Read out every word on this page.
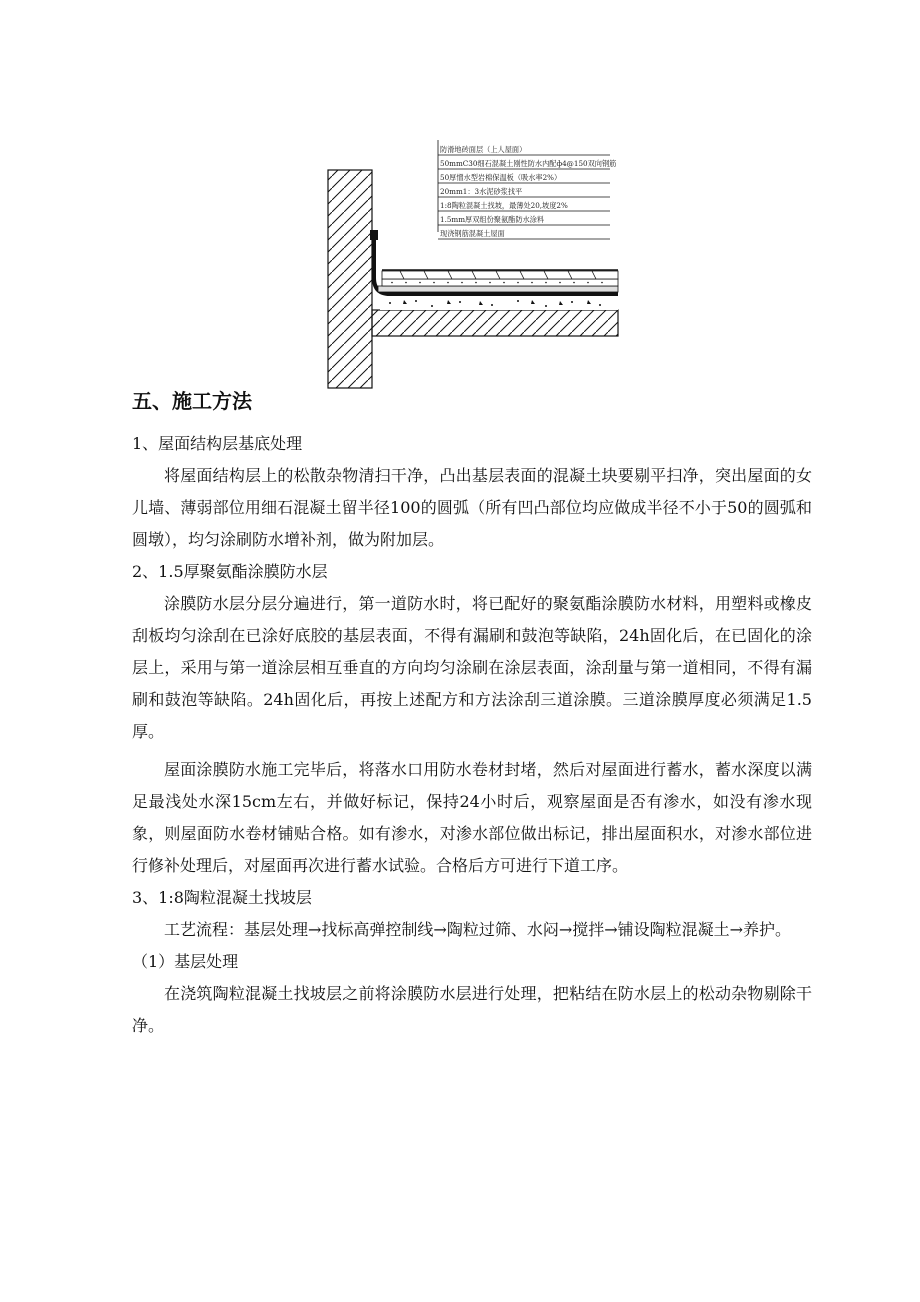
防滑地砖面层（上人屋面）
50mmC30细石混凝土刚性防水内配ф4@150双向钢筋
50厚憎水型岩棉保温板（吸水率2%）
20mm1：3水泥砂浆找平
1:8陶粒混凝土找坡，最薄处20,坡度2%
1.5mm厚双组份聚氨酯防水涂料
现浇钢筋混凝土屋面
五、施工方法

1、屋面结构层基底处理

将屋面结构层上的松散杂物清扫干净，凸出基层表面的混凝土块要剔平扫净，突出屋面的女儿墙、薄弱部位用细石混凝土留半径100的圆弧（所有凹凸部位均应做成半径不小于50的圆弧和圆墩），均匀涂刷防水增补剂，做为附加层。

2、1.5厚聚氨酯涂膜防水层

涂膜防水层分层分遍进行，第一道防水时，将已配好的聚氨酯涂膜防水材料，用塑料或橡皮刮板均匀涂刮在已涂好底胶的基层表面，不得有漏刷和鼓泡等缺陷，24h固化后，在已固化的涂层上，采用与第一道涂层相互垂直的方向均匀涂刷在涂层表面，涂刮量与第一道相同，不得有漏刷和鼓泡等缺陷。24h固化后，再按上述配方和方法涂刮三道涂膜。三道涂膜厚度必须满足1.5厚。

屋面涂膜防水施工完毕后，将落水口用防水卷材封堵，然后对屋面进行蓄水，蓄水深度以满足最浅处水深15cm左右，并做好标记，保持24小时后，观察屋面是否有渗水，如没有渗水现象，则屋面防水卷材铺贴合格。如有渗水，对渗水部位做出标记，排出屋面积水，对渗水部位进行修补处理后，对屋面再次进行蓄水试验。合格后方可进行下道工序。

3、1:8陶粒混凝土找坡层

工艺流程：基层处理→找标高弹控制线→陶粒过筛、水闷→搅拌→铺设陶粒混凝土→养护。

（1）基层处理

在浇筑陶粒混凝土找坡层之前将涂膜防水层进行处理，把粘结在防水层上的松动杂物剔除干净。
